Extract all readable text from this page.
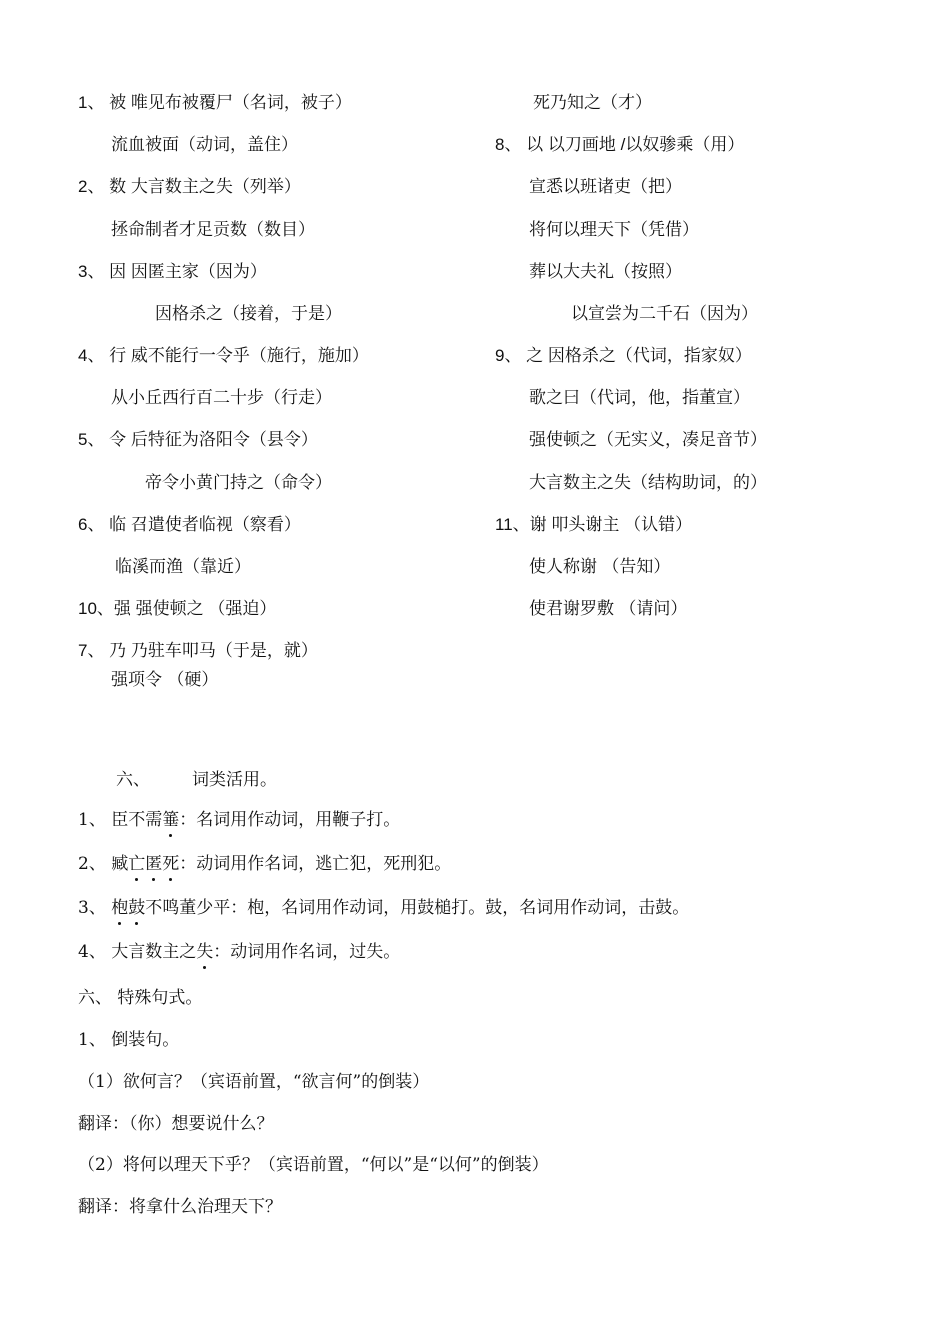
1、 被 唯见布被覆尸（名词，被子）
流血被面（动词，盖住）
2、 数 大言数主之失（列举）
拯命制者才足贡数（数目）
3、 因 因匿主家（因为）
因格杀之（接着，于是）
4、 行 威不能行一令乎（施行，施加）
从小丘西行百二十步（行走）
5、 令 后特征为洛阳令（县令）
帝令小黄门持之（命令）
6、 临 召遣使者临视（察看）
临溪而渔（靠近）
10、强 强使顿之 （强迫）
7、 乃 乃驻车叩马（于是，就）
强项令 （硬）
死乃知之（才）
8、 以 以刀画地 /以奴骖乘（用）
宣悉以班诸吏（把）
将何以理天下（凭借）
葬以大夫礼（按照）
以宣尝为二千石（因为）
9、 之 因格杀之（代词，指家奴）
歌之曰（代词，他，指董宣）
强使顿之（无实义，凑足音节）
大言数主之失（结构助词，的）
11、谢 叩头谢主 （认错）
使人称谢 （告知）
使君谢罗敷 （请问）
六、 词类活用。
1、 臣不需箠：名词用作动词，用鞭子打。
2、 臧亡匿死：动词用作名词，逃亡犯，死刑犯。
3、 枹鼓不鸣董少平：枹，名词用作动词，用鼓槌打。鼓，名词用作动词，击鼓。
4、 大言数主之失：动词用作名词，过失。
六、 特殊句式。
1、 倒装句。
（1）欲何言？（宾语前置，“欲言何”的倒装）
翻译：（你）想要说什么？
（2）将何以理天下乎？（宾语前置，“何以”是“以何”的倒装）
翻译：将拿什么治理天下？
